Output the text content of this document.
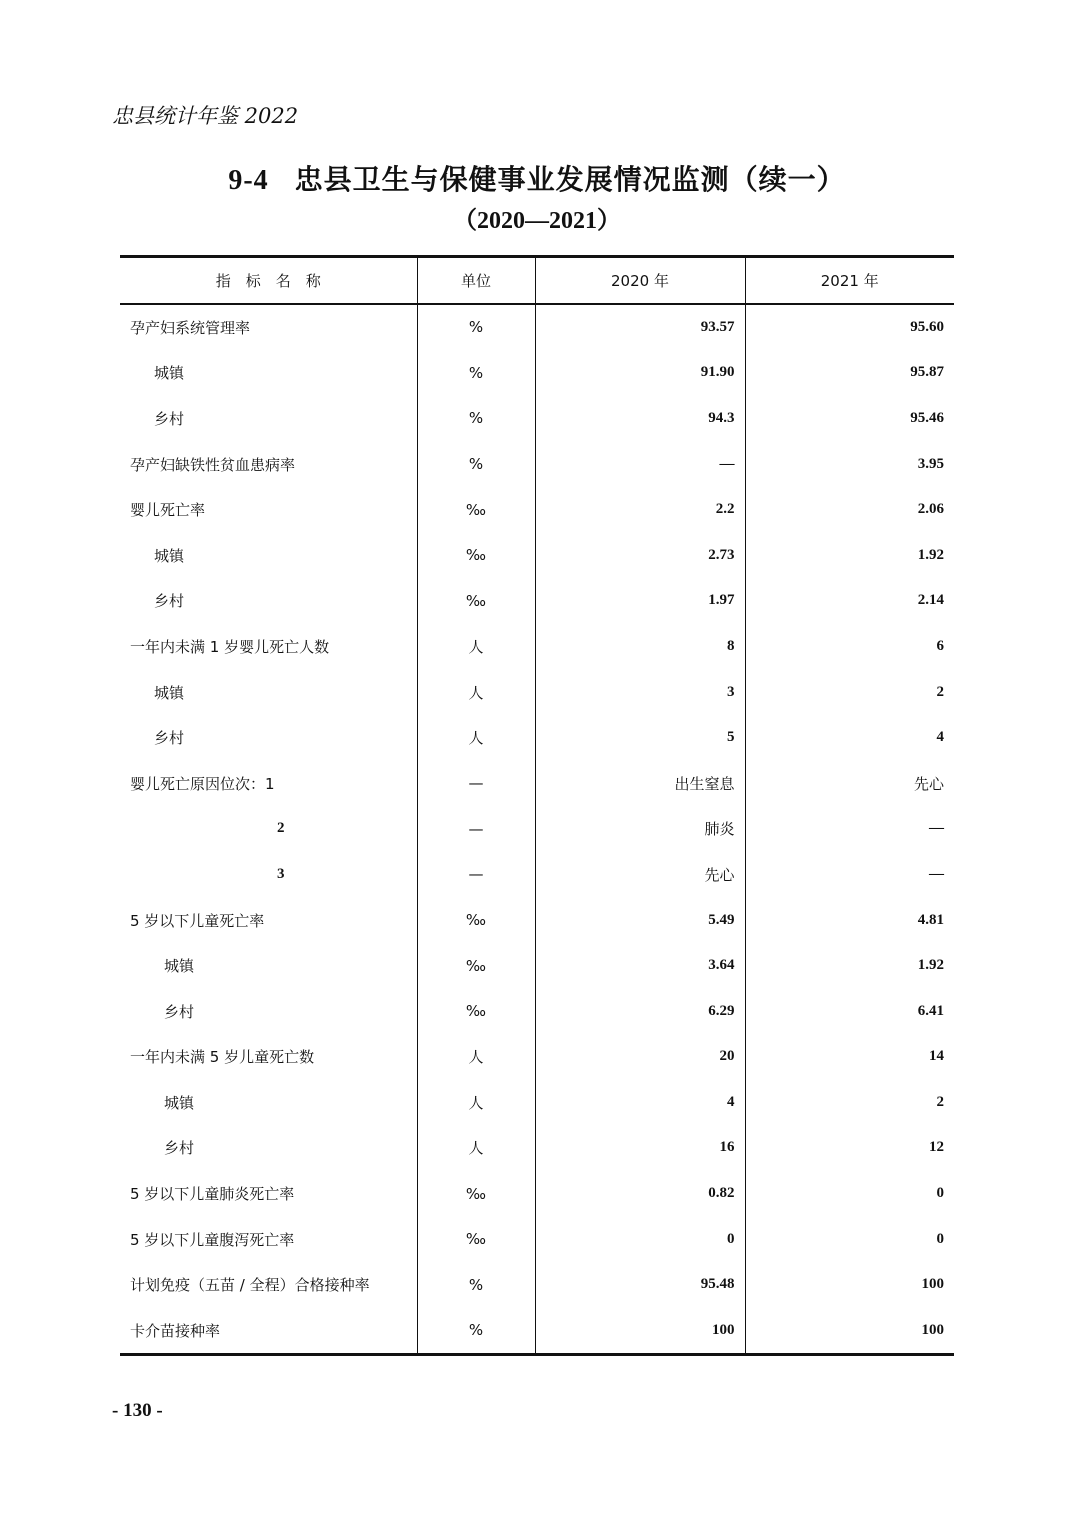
忠县统计年鉴 2022
9-4 忠县卫生与保健事业发展情况监测（续一）
（2020—2021）
指　标　名　称	单位	2020 年	2021 年
孕产妇系统管理率	%	93.57	95.60
城镇	%	91.90	95.87
乡村	%	94.3	95.46
孕产妇缺铁性贫血患病率	%	—	3.95
婴儿死亡率	‰	2.2	2.06
城镇	‰	2.73	1.92
乡村	‰	1.97	2.14
一年内未满 1 岁婴儿死亡人数	人	8	6
城镇	人	3	2
乡村	人	5	4
婴儿死亡原因位次：1	—	出生窒息	先心
2	—	肺炎	—
3	—	先心	—
5 岁以下儿童死亡率	‰	5.49	4.81
城镇	‰	3.64	1.92
乡村	‰	6.29	6.41
一年内未满 5 岁儿童死亡数	人	20	14
城镇	人	4	2
乡村	人	16	12
5 岁以下儿童肺炎死亡率	‰	0.82	0
5 岁以下儿童腹泻死亡率	‰	0	0
计划免疫（五苗 / 全程）合格接种率	%	95.48	100
卡介苗接种率	%	100	100
- 130 -
